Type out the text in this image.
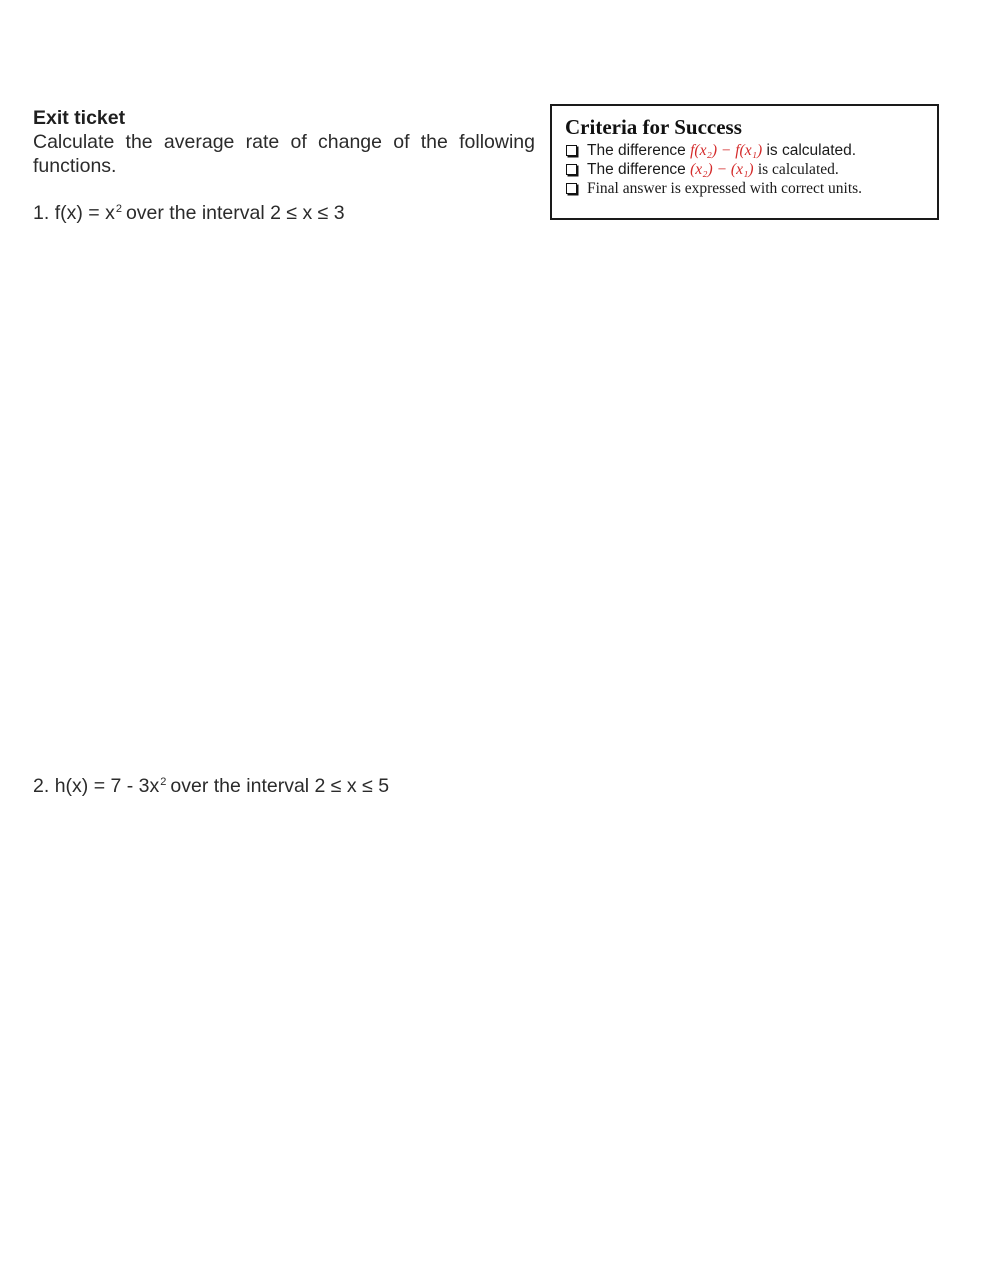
Exit ticket
Calculate the average rate of change of the following functions.
1. $f(x) = x^2$ over the interval 2 ≤ x ≤ 3
2. $h(x) = 7 - 3x^2$ over the interval 2 ≤ x ≤ 5
Criteria for Success
The difference f(x₂) − f(x₁) is calculated.
The difference (x₂) − (x₁) is calculated.
Final answer is expressed with correct units.
